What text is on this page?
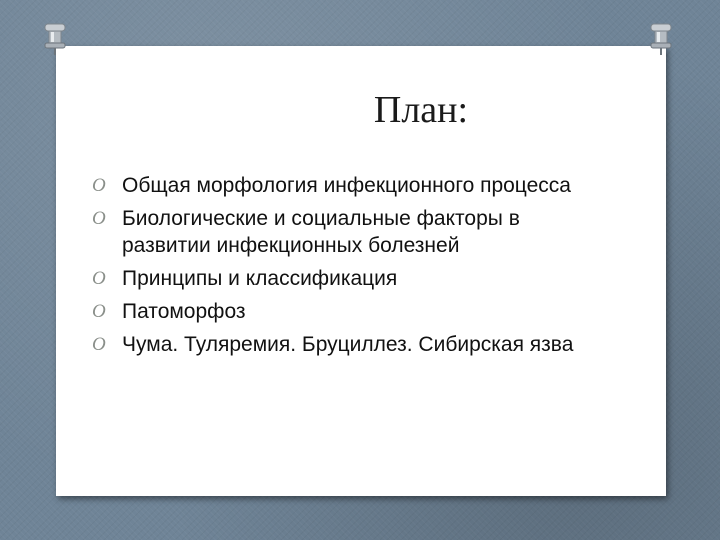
План:
O Общая морфология инфекционного процесса
O Биологические и социальные факторы в развитии инфекционных болезней
O Принципы и классификация
O Патоморфоз
O Чума. Туляремия. Бруциллез. Сибирская язва
